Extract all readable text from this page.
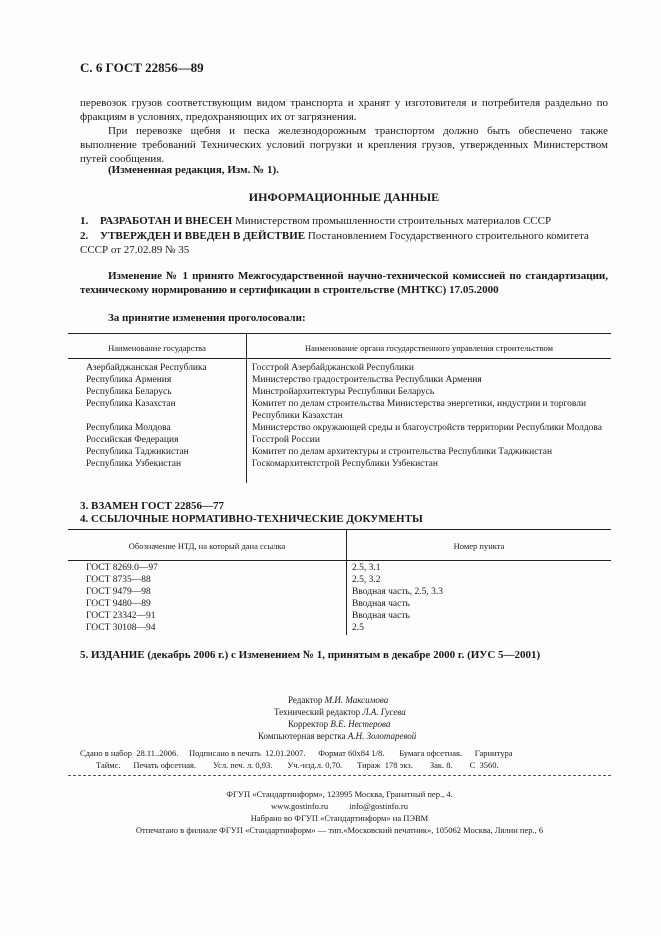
С. 6 ГОСТ 22856—89
перевозок грузов соответствующим видом транспорта и хранят у изготовителя и потребителя раздельно по фракциям в условиях, предохраняющих их от загрязнения.
При перевозке щебня и песка железнодорожным транспортом должно быть обеспечено также выполнение требований Технических условий погрузки и крепления грузов, утвержденных Министерством путей сообщения.
(Измененная редакция, Изм. № 1).
ИНФОРМАЦИОННЫЕ ДАННЫЕ
1. РАЗРАБОТАН И ВНЕСЕН Министерством промышленности строительных материалов СССР
2. УТВЕРЖДЕН И ВВЕДЕН В ДЕЙСТВИЕ Постановлением Государственного строительного комитета СССР от 27.02.89 № 35
Изменение № 1 принято Межгосударственной научно-технической комиссией по стандартизации, техническому нормированию и сертификации в строительстве (МНТКС) 17.05.2000
За принятие изменения проголосовали:
Наименование государства	Наименование органа государственного управления строительством
Азербайджанская Республика	Госстрой Азербайджанской Республики
Республика Армения	Министерство градостроительства Республики Армения
Республика Беларусь	Минстройархитектуры Республики Беларусь
Республика Казахстан	Комитет по делам строительства Министерства энергетики, индустрии и торговли Республики Казахстан
Республика Молдова	Министерство окружающей среды и благоустройств территории Республики Молдова
Российская Федерация	Госстрой России
Республика Таджикистан	Комитет по делам архитектуры и строительства Республики Таджикистан
Республика Узбекистан	Госкомархитектстрой Республики Узбекистан
3. ВЗАМЕН ГОСТ 22856—77
4. ССЫЛОЧНЫЕ НОРМАТИВНО-ТЕХНИЧЕСКИЕ ДОКУМЕНТЫ
Обозначение НТД, на который дана ссылка	Номер пункта
ГОСТ 8269.0—97	2.5, 3.1
ГОСТ 8735—88	2.5, 3.2
ГОСТ 9479—98	Вводная часть, 2.5, 3.3
ГОСТ 9480—89	Вводная часть
ГОСТ 23342—91	Вводная часть
ГОСТ 30108—94	2.5
5. ИЗДАНИЕ (декабрь 2006 г.) с Изменением № 1, принятым в декабре 2000 г. (ИУС 5—2001)
Редактор М.И. Максимова
Технический редактор Л.А. Гусева
Корректор В.Е. Нестерова
Компьютерная верстка А.Н. Золотаревой
Сдано в набор  28.11..2006.     Подписано в печать  12.01.2007.      Формат 60x84 1/8.       Бумага офсетная.      Гарнитура
Таймс.      Печать офсетная.        Усл. печ. л. 0,93.       Уч.-изд.л. 0,70.       Тираж  178 экз.        Зак. 8.        С  3560.
ФГУП «Стандартинформ», 123995 Москва, Гранатный пер., 4.
www.gostinfo.ru          info@gostinfo.ru
Набрано во ФГУП «Стандартинформ» на ПЭВМ
Отпечатано в филиале ФГУП «Стандартинформ» — тип.«Московский печатник», 105062 Москва, Лялин пер., 6
